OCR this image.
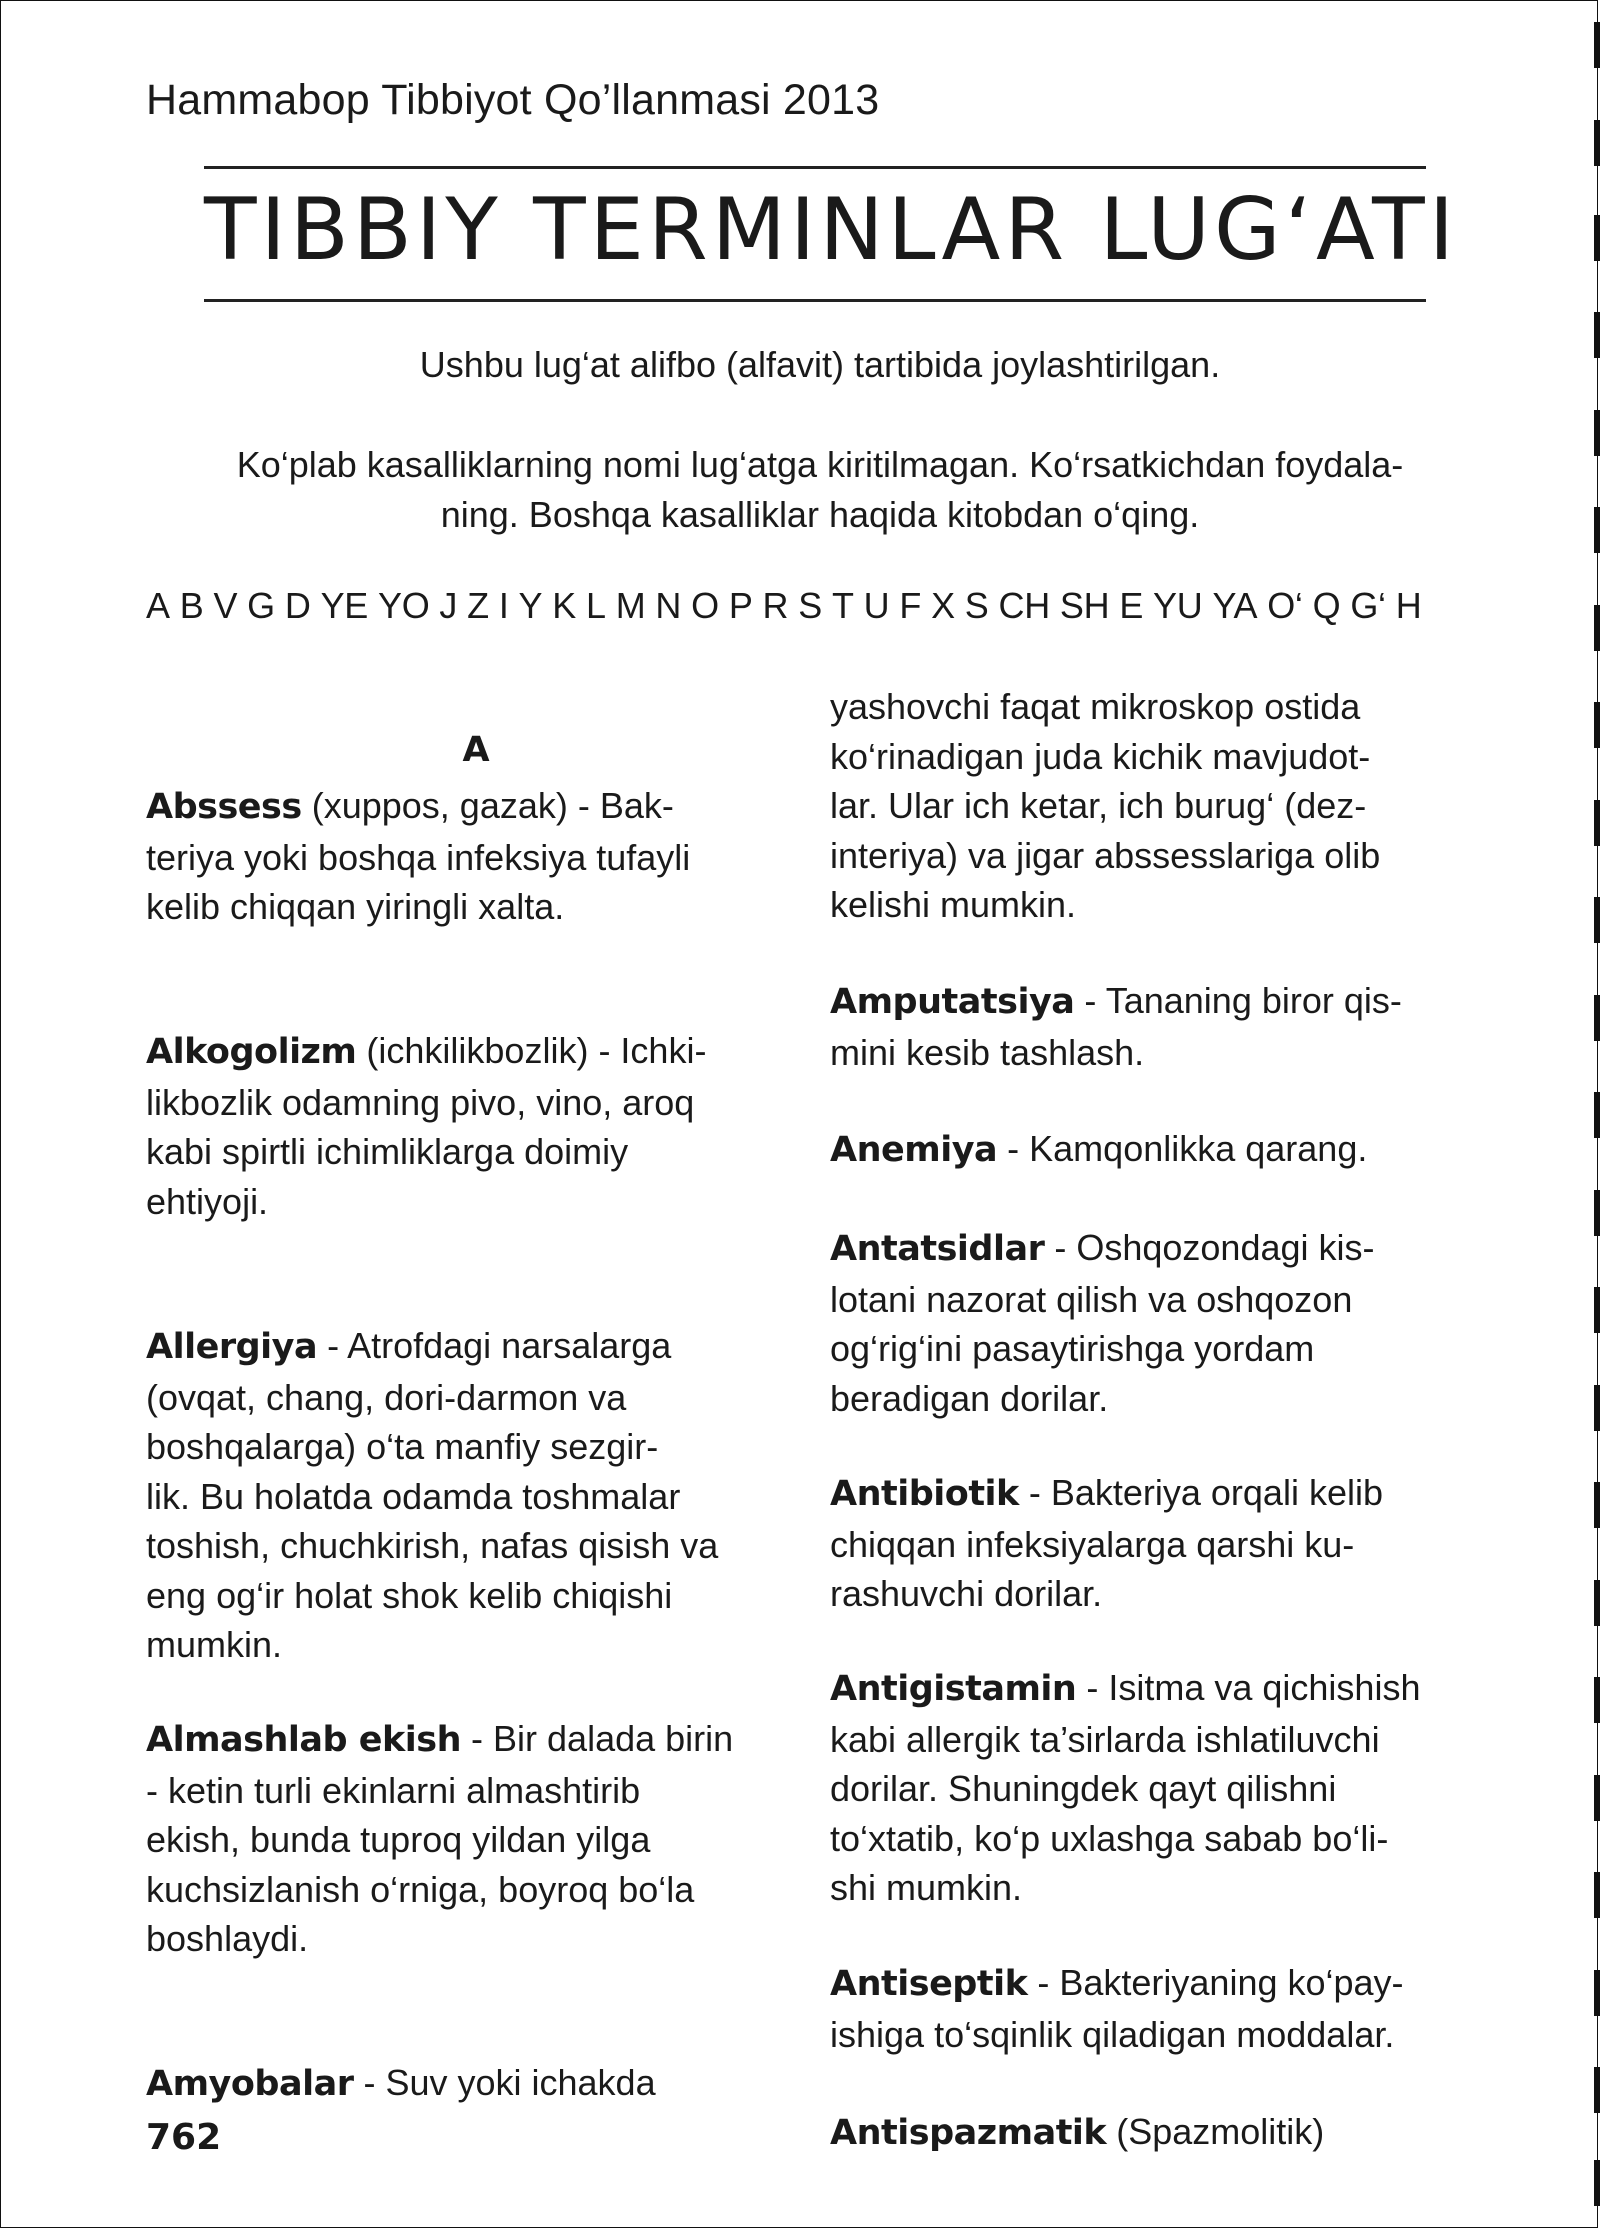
Hammabop Tibbiyot Qo’llanmasi 2013
TIBBIY TERMINLAR LUG‘ATI
Ushbu lug‘at alifbo (alfavit) tartibida joylashtirilgan.
Ko‘plab kasalliklarning nomi lug‘atga kiritilmagan. Ko‘rsatkichdan foydala-
ning. Boshqa kasalliklar haqida kitobdan o‘qing.
A B V G D YE YO J Z I Y K L M N O P R S T U F X S CH SH E YU YA O‘ Q G‘ H
A

Abssess (xuppos, gazak) - Bak-
teriya yoki boshqa infeksiya tufayli
kelib chiqqan yiringli xalta.

Alkogolizm (ichkilikbozlik) - Ichki-
likbozlik odamning pivo, vino, aroq
kabi spirtli ichimliklarga doimiy
ehtiyoji.

Allergiya - Atrofdagi narsalarga
(ovqat, chang, dori-darmon va
boshqalarga) o‘ta manfiy sezgir-
lik. Bu holatda odamda toshmalar
toshish, chuchkirish, nafas qisish va
eng og‘ir holat shok kelib chiqishi
mumkin.

Almashlab ekish - Bir dalada birin
- ketin turli ekinlarni almashtirib
ekish, bunda tuproq yildan yilga
kuchsizlanish o‘rniga, boyroq bo‘la
boshlaydi.

Amyobalar - Suv yoki ichakda

yashovchi faqat mikroskop ostida
ko‘rinadigan juda kichik mavjudot-
lar. Ular ich ketar, ich burug‘ (dez-
interiya) va jigar abssesslariga olib
kelishi mumkin.

Amputatsiya - Tananing biror qis-
mini kesib tashlash.

Anemiya - Kamqonlikka qarang.

Antatsidlar - Oshqozondagi kis-
lotani nazorat qilish va oshqozon
og‘rig‘ini pasaytirishga yordam
beradigan dorilar.

Antibiotik - Bakteriya orqali kelib
chiqqan infeksiyalarga qarshi ku-
rashuvchi dorilar.

Antigistamin - Isitma va qichishish
kabi allergik ta’sirlarda ishlatiluvchi
dorilar. Shuningdek qayt qilishni
to‘xtatib, ko‘p uxlashga sabab bo‘li-
shi mumkin.

Antiseptik - Bakteriyaning ko‘pay-
ishiga to‘sqinlik qiladigan moddalar.

Antispazmatik (Spazmolitik)

762
